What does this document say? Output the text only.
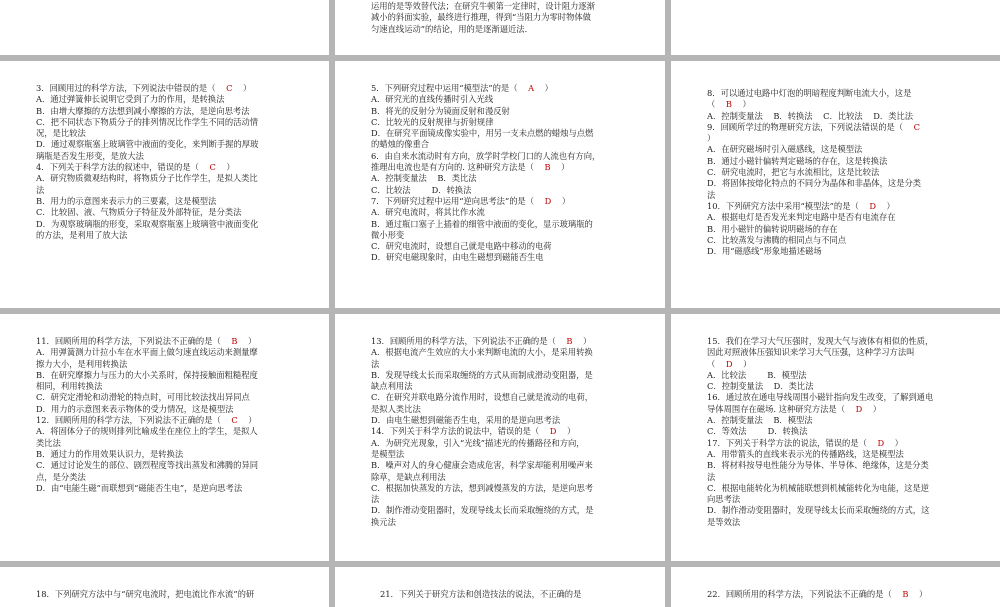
运用的是等效替代法；在研究牛顿第一定律时，设计阻力逐渐

减小的斜面实验，最终进行推理，得到“当阻力为零时物体做

匀速直线运动”的结论，用的是逐渐逼近法.

3．回顾用过的科学方法，下列说法中错误的是（    C    ）

A．通过弹簧伸长说明它受到了力的作用，是转换法

B．由增大摩擦的方法想到减小摩擦的方法，是逆向思考法

C．把不同状态下物质分子的排列情况比作学生不同的活动情

况，是比较法

D．通过观察瓶塞上玻璃管中液面的变化，来判断手握的厚玻

璃瓶是否发生形变，是放大法

4．下列关于科学方法的叙述中，错误的是（    C    ）

A．研究物质微观结构时，将物质分子比作学生，是拟人类比

法

B．用力的示意图来表示力的三要素，这是模型法

C．比较固、液、气物质分子特征及外部特征，是分类法

D．为观察玻璃瓶的形变，采取观察瓶塞上玻璃管中液面变化

的方法，是利用了放大法

5．下列研究过程中运用“模型法”的是（    A    ）

A．研究光的直线传播时引入光线

B．将光的反射分为镜面反射和漫反射

C．比较光的反射规律与折射规律

D．在研究平面镜成像实验中，用另一支未点燃的蜡烛与点燃

的蜡烛的像重合

6．由自来水流动时有方向，放学时学校门口的人流也有方向，

推理出电流也是有方向的. 这种研究方法是（    B    ）

A．控制变量法    B．类比法

C．比较法        D．转换法

7．下列研究过程中运用“逆向思考法”的是（    D    ）

A．研究电流时，将其比作水流

B．通过瓶口塞子上插着的细管中液面的变化，显示玻璃瓶的

微小形变

C．研究电流时，设想自己就是电路中移动的电荷

D．研究电磁现象时，由电生磁想到磁能否生电

8．可以通过电路中灯泡的明暗程度判断电流大小，这是

（    B    ）

A．控制变量法    B．转换法    C．比较法    D．类比法

9．回顾所学过的物理研究方法，下列说法错误的是（    C

）

A．在研究磁场时引入磁感线，这是模型法

B．通过小磁针偏转判定磁场的存在，这是转换法

C．研究电流时，把它与水流相比，这是比较法

D．将固体按熔化特点的不同分为晶体和非晶体，这是分类

法

10．下列研究方法中采用“模型法”的是（    D    ）

A．根据电灯是否发光来判定电路中是否有电流存在

B．用小磁针的偏转说明磁场的存在

C．比较蒸发与沸腾的相同点与不同点

D．用“磁感线”形象地描述磁场

11．回顾所用的科学方法，下列说法不正确的是（    B    ）

A．用弹簧测力计拉小车在水平面上做匀速直线运动来测量摩

擦力大小，是利用转换法

B．在研究摩擦力与压力的大小关系时，保持接触面粗糙程度

相同，利用转换法

C．研究定滑轮和动滑轮的特点时，可用比较法找出异同点

D．用力的示意图来表示物体的受力情况，这是模型法

12．回顾所用的科学方法，下列说法不正确的是（    C    ）

A．将固体分子的规则排列比喻成坐在座位上的学生，是拟人

类比法

B．通过力的作用效果认识力，是转换法

C．通过讨论发生的部位、剧烈程度等找出蒸发和沸腾的异同

点，是分类法

D．由“电能生磁”而联想到“磁能否生电”，是逆向思考法

13．回顾所用的科学方法，下列说法不正确的是（    B    ）

A．根据电流产生效应的大小来判断电流的大小，是采用转换

法

B．发现导线太长而采取缠绕的方式从而制成滑动变阻器，是

缺点利用法

C．在研究并联电路分流作用时，设想自己就是流动的电荷，

是拟人类比法

D．由电生磁想到磁能否生电，采用的是逆向思考法

14．下列关于科学方法的说法中，错误的是（    D    ）

A．为研究光现象，引入“光线”描述光的传播路径和方向，

是模型法

B．噪声对人的身心健康会造成危害，科学家却能利用噪声来

除草，是缺点利用法

C．根据加快蒸发的方法，想到减慢蒸发的方法，是逆向思考

法

D．制作滑动变阻器时，发现导线太长而采取缠绕的方式，是

换元法

15．我们在学习大气压强时，发现大气与液体有相似的性质，

因此对照液体压强知识来学习大气压强，这种学习方法叫

（    D    ）

A．比较法        B．模型法

C．控制变量法    D．类比法

16．通过放在通电导线周围小磁针指向发生改变，了解到通电

导体周围存在磁场. 这种研究方法是（    D    ）

A．控制变量法    B．模型法

C．等效法        D．转换法

17．下列关于科学方法的说法，错误的是（    D    ）

A．用带箭头的直线来表示光的传播路线，这是模型法

B．将材料按导电性能分为导体、半导体、绝缘体，这是分类

法

C．根据电能转化为机械能联想到机械能转化为电能，这是逆

向思考法

D．制作滑动变阻器时，发现导线太长而采取缠绕的方式，这

是等效法

18．下列研究方法中与“研究电流时，把电流比作水流”的研	21．下列关于研究方法和创造技法的说法，不正确的是	22．回顾所用的科学方法，下列说法不正确的是（    B    ）
